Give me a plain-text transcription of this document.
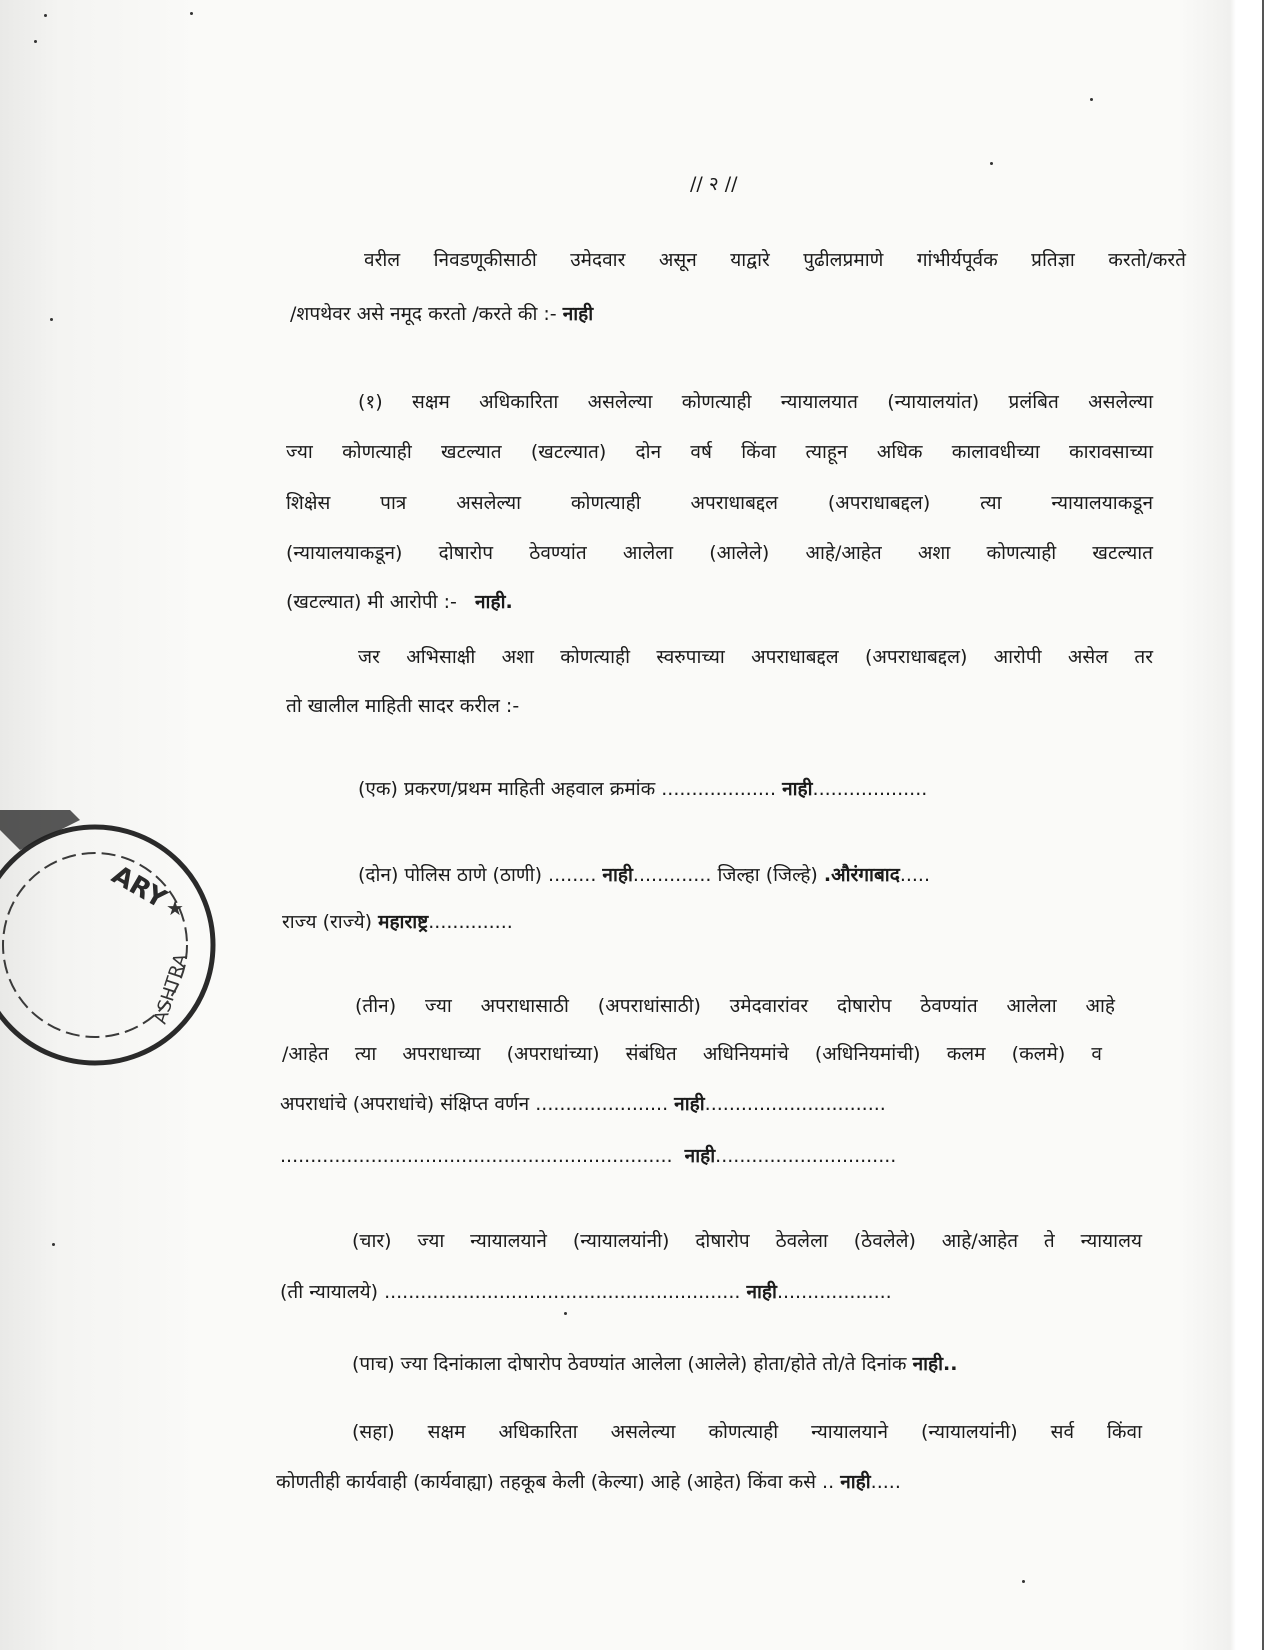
ARY
ASHTRA
★
// २ //
वरील निवडणूकीसाठी उमेदवार असून याद्वारे पुढीलप्रमाणे गांभीर्यपूर्वक प्रतिज्ञा करतो/करते
/शपथेवर असे नमूद करतो /करते की :- नाही
(१) सक्षम अधिकारिता असलेल्या कोणत्याही न्यायालयात (न्यायालयांत) प्रलंबित असलेल्या
ज्या कोणत्याही खटल्यात (खटल्यात) दोन वर्ष किंवा त्याहून अधिक कालावधीच्या कारावसाच्या
शिक्षेस पात्र असलेल्या कोणत्याही अपराधाबद्दल (अपराधाबद्दल) त्या न्यायालयाकडून
(न्यायालयाकडून) दोषारोप ठेवण्यांत आलेला (आलेले) आहे/आहेत अशा कोणत्याही खटल्यात
(खटल्यात) मी आरोपी :- नाही.
जर अभिसाक्षी अशा कोणत्याही स्वरुपाच्या अपराधाबद्दल (अपराधाबद्दल) आरोपी असेल तर
तो खालील माहिती सादर करील :-
(एक) प्रकरण/प्रथम माहिती अहवाल क्रमांक ................... नाही...................
(दोन) पोलिस ठाणे (ठाणी) ........ नाही............. जिल्हा (जिल्हे) .औरंगाबाद.....
राज्य (राज्ये) महाराष्ट्र..............
(तीन) ज्या अपराधासाठी (अपराधांसाठी) उमेदवारांवर दोषारोप ठेवण्यांत आलेला आहे
/आहेत त्या अपराधाच्या (अपराधांच्या) संबंधित अधिनियमांचे (अधिनियमांची) कलम (कलमे) व
अपराधांचे (अपराधांचे) संक्षिप्त वर्णन ...................... नाही..............................
................................................................. नाही..............................
(चार) ज्या न्यायालयाने (न्यायालयांनी) दोषारोप ठेवलेला (ठेवलेले) आहे/आहेत ते न्यायालय
(ती न्यायालये) ........................................................... नाही...................
(पाच) ज्या दिनांकाला दोषारोप ठेवण्यांत आलेला (आलेले) होता/होते तो/ते दिनांक नाही..
(सहा) सक्षम अधिकारिता असलेल्या कोणत्याही न्यायालयाने (न्यायालयांनी) सर्व किंवा
कोणतीही कार्यवाही (कार्यवाह्या) तहकूब केली (केल्या) आहे (आहेत) किंवा कसे .. नाही.....
